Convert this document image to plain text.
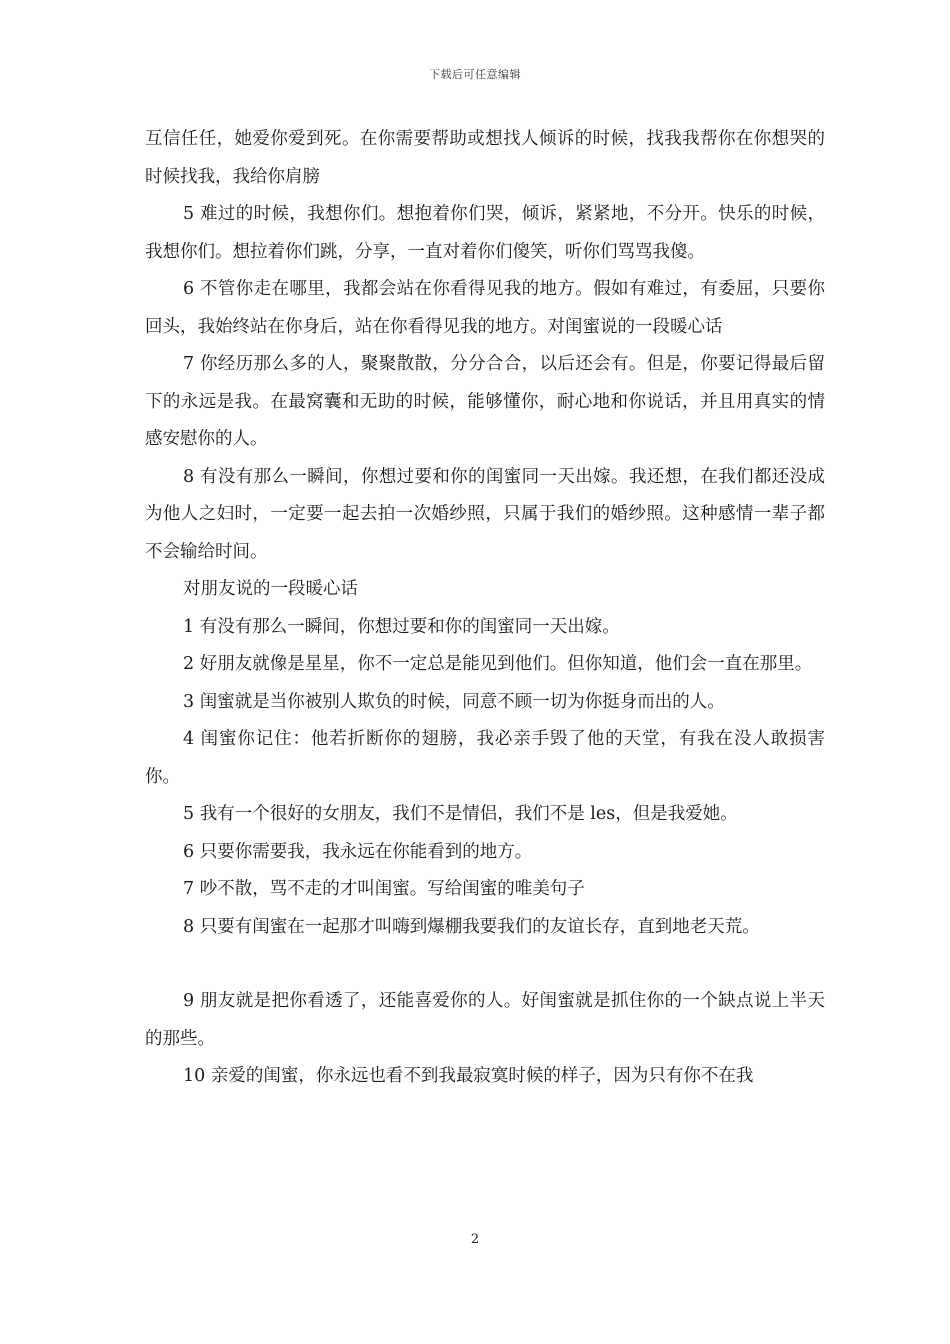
下载后可任意编辑

互信任任，她爱你爱到死。在你需要帮助或想找人倾诉的时候，找我我帮你在你想哭的时候找我，我给你肩膀

5 难过的时候，我想你们。想抱着你们哭，倾诉，紧紧地，不分开。快乐的时候，我想你们。想拉着你们跳，分享，一直对着你们傻笑，听你们骂骂我傻。

6 不管你走在哪里，我都会站在你看得见我的地方。假如有难过，有委屈，只要你回头，我始终站在你身后，站在你看得见我的地方。对闺蜜说的一段暖心话

7 你经历那么多的人，聚聚散散，分分合合，以后还会有。但是，你要记得最后留下的永远是我。在最窝囊和无助的时候，能够懂你，耐心地和你说话，并且用真实的情感安慰你的人。

8 有没有那么一瞬间，你想过要和你的闺蜜同一天出嫁。我还想，在我们都还没成为他人之妇时，一定要一起去拍一次婚纱照，只属于我们的婚纱照。这种感情一辈子都不会输给时间。

对朋友说的一段暖心话

1 有没有那么一瞬间，你想过要和你的闺蜜同一天出嫁。

2 好朋友就像是星星，你不一定总是能见到他们。但你知道，他们会一直在那里。

3 闺蜜就是当你被别人欺负的时候，同意不顾一切为你挺身而出的人。

4 闺蜜你记住：他若折断你的翅膀，我必亲手毁了他的天堂，有我在没人敢损害你。

5 我有一个很好的女朋友，我们不是情侣，我们不是 les，但是我爱她。

6 只要你需要我，我永远在你能看到的地方。

7 吵不散，骂不走的才叫闺蜜。写给闺蜜的唯美句子

8 只要有闺蜜在一起那才叫嗨到爆棚我要我们的友谊长存，直到地老天荒。

9 朋友就是把你看透了，还能喜爱你的人。好闺蜜就是抓住你的一个缺点说上半天的那些。

10 亲爱的闺蜜，你永远也看不到我最寂寞时候的样子，因为只有你不在我

2
